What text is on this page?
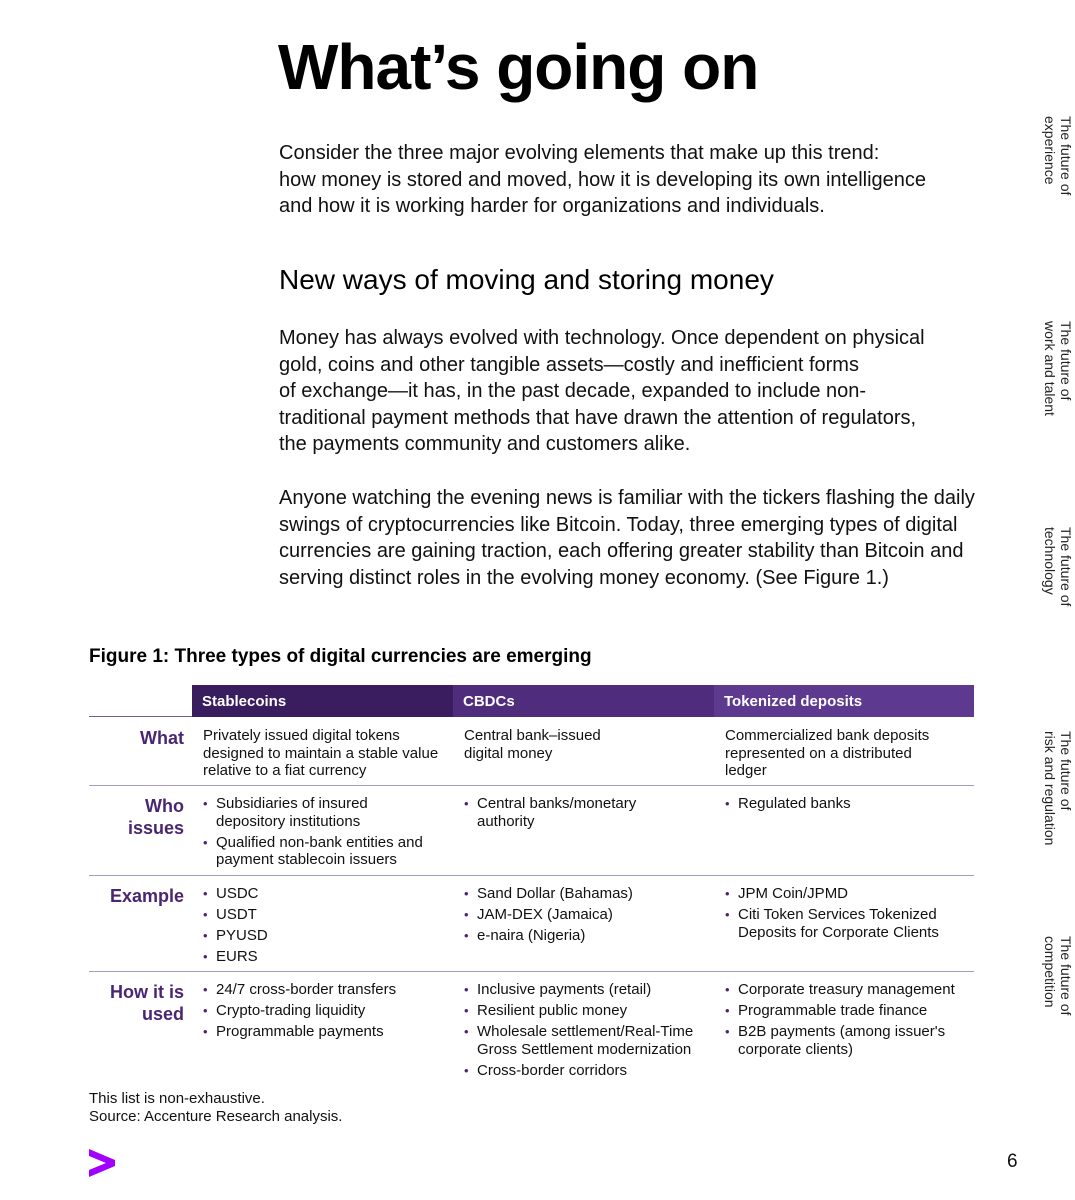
What’s going on

Consider the three major evolving elements that make up this trend:
how money is stored and moved, how it is developing its own intelligence
and how it is working harder for organizations and individuals.

New ways of moving and storing money

Money has always evolved with technology. Once dependent on physical
gold, coins and other tangible assets—costly and inefficient forms
of exchange—it has, in the past decade, expanded to include non-
traditional payment methods that have drawn the attention of regulators,
the payments community and customers alike.

Anyone watching the evening news is familiar with the tickers flashing the daily
swings of cryptocurrencies like Bitcoin. Today, three emerging types of digital
currencies are gaining traction, each offering greater stability than Bitcoin and
serving distinct roles in the evolving money economy. (See Figure 1.)

The future of
experience
The future of
work and talent
The future of
technology
The future of
risk and regulation
The future of
competition
Figure 1: Three types of digital currencies are emerging
Stablecoins	CBDCs	Tokenized deposits
What Privately issued digital tokens
designed to maintain a stable value
relative to a fiat currency
Central bank–issued
digital money
Commercialized bank deposits
represented on a distributed
ledger
Who
issues
• Subsidiaries of insured
depository institutions
• Qualified non-bank entities and
payment stablecoin issuers
• Central banks/monetary
authority
• Regulated banks
Example
• USDC
• USDT
• PYUSD
• EURS
• Sand Dollar (Bahamas)
• JAM-DEX (Jamaica)
• e-naira (Nigeria)
• JPM Coin/JPMD
• Citi Token Services Tokenized
Deposits for Corporate Clients
How it is
used
• 24/7 cross-border transfers
• Crypto-trading liquidity
• Programmable payments
• Inclusive payments (retail)
• Resilient public money
• Wholesale settlement/Real-Time
Gross Settlement modernization
• Cross-border corridors
• Corporate treasury management
• Programmable trade finance
• B2B payments (among issuer's
corporate clients)

This list is non-exhaustive.
Source: Accenture Research analysis.

6
